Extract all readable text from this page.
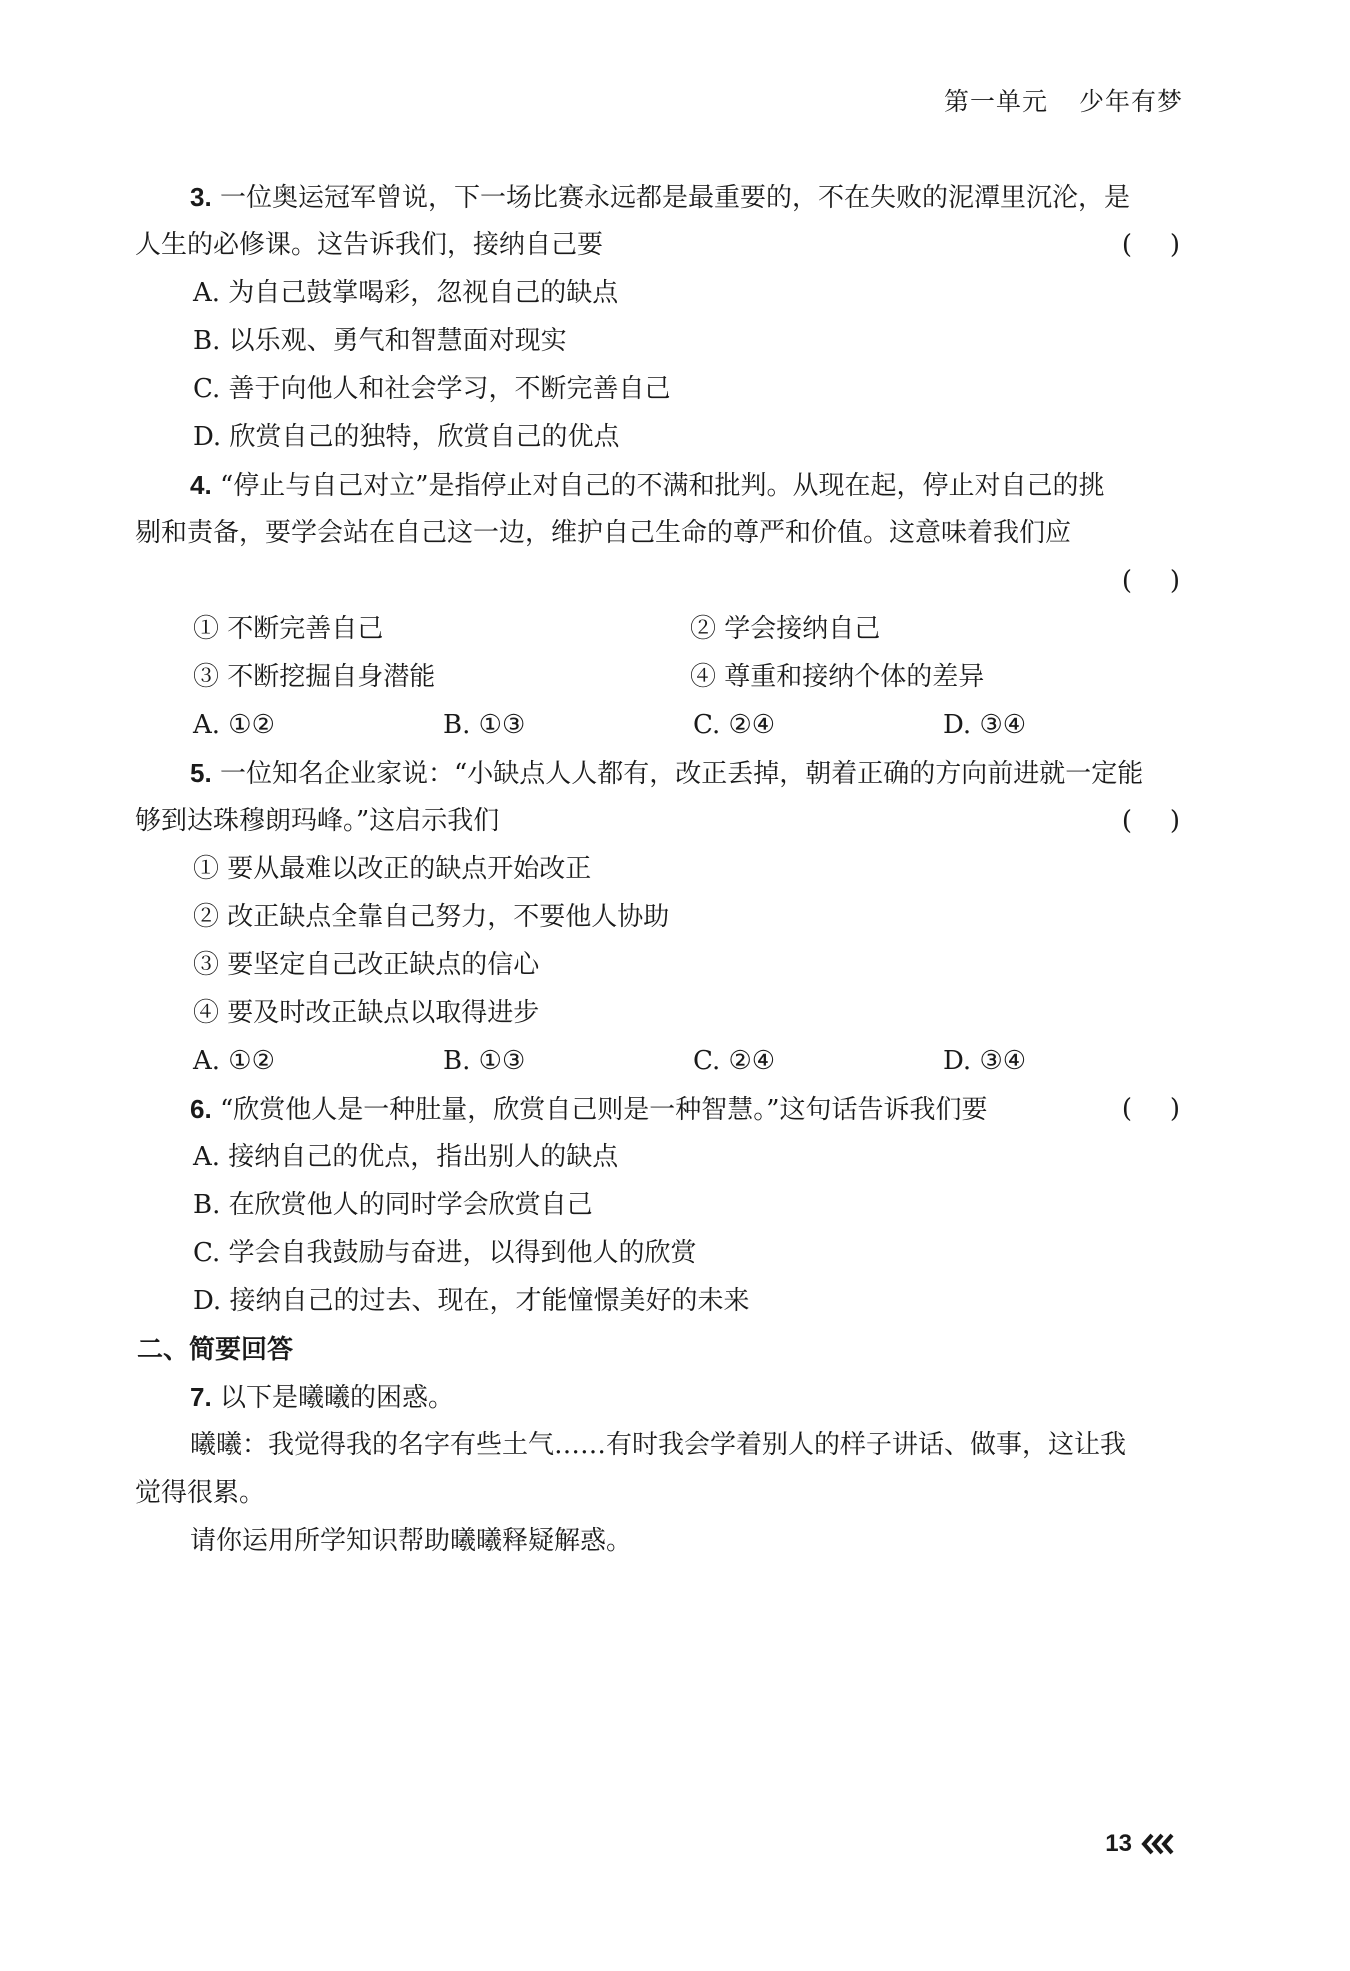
第一单元 少年有梦
3. 一位奥运冠军曾说，下一场比赛永远都是最重要的，不在失败的泥潭里沉沦，是
人生的必修课。这告诉我们，接纳自己要	( )
A. 为自己鼓掌喝彩，忽视自己的缺点
B. 以乐观、勇气和智慧面对现实
C. 善于向他人和社会学习，不断完善自己
D. 欣赏自己的独特，欣赏自己的优点
4. “停止与自己对立”是指停止对自己的不满和批判。从现在起，停止对自己的挑
剔和责备，要学会站在自己这一边，维护自己生命的尊严和价值。这意味着我们应
( )
① 不断完善自己	② 学会接纳自己
③ 不断挖掘自身潜能	④ 尊重和接纳个体的差异
A. ①②	B. ①③	C. ②④	D. ③④
5. 一位知名企业家说：“小缺点人人都有，改正丢掉，朝着正确的方向前进就一定能
够到达珠穆朗玛峰。”这启示我们	( )
① 要从最难以改正的缺点开始改正
② 改正缺点全靠自己努力，不要他人协助
③ 要坚定自己改正缺点的信心
④ 要及时改正缺点以取得进步
A. ①②	B. ①③	C. ②④	D. ③④
6. “欣赏他人是一种肚量，欣赏自己则是一种智慧。”这句话告诉我们要	( )
A. 接纳自己的优点，指出别人的缺点
B. 在欣赏他人的同时学会欣赏自己
C. 学会自我鼓励与奋进，以得到他人的欣赏
D. 接纳自己的过去、现在，才能憧憬美好的未来
二、简要回答
7. 以下是曦曦的困惑。
曦曦：我觉得我的名字有些土气……有时我会学着别人的样子讲话、做事，这让我
觉得很累。
请你运用所学知识帮助曦曦释疑解惑。
13
